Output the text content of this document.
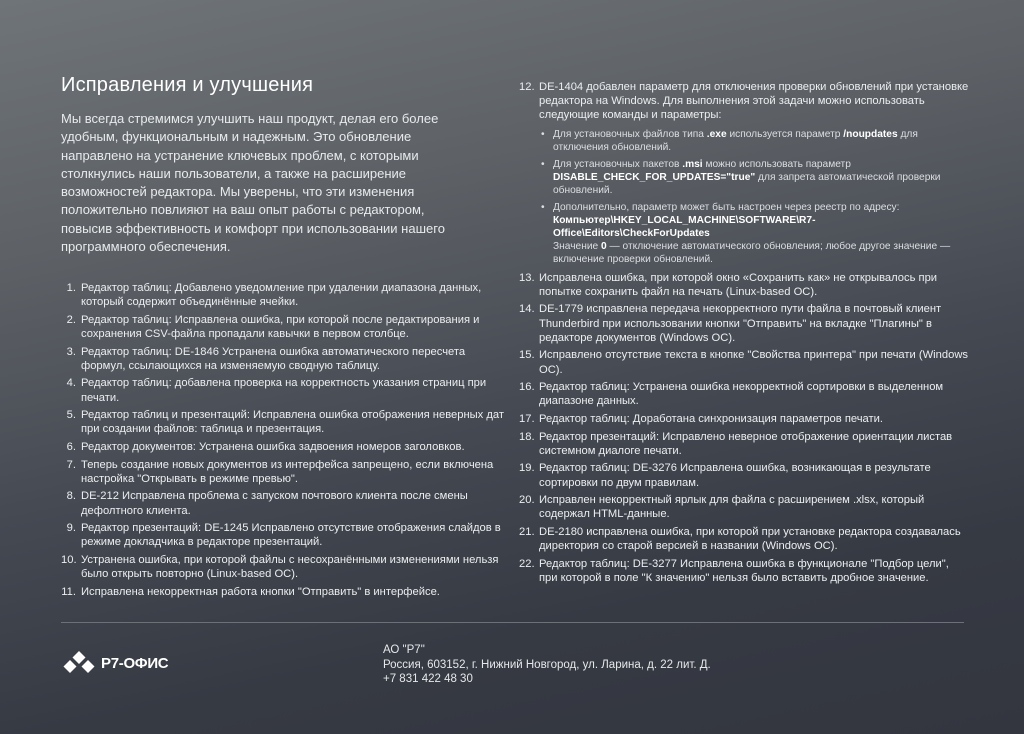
Исправления и улучшения

Мы всегда стремимся улучшить наш продукт, делая его более удобным, функциональным и надежным. Это обновление направлено на устранение ключевых проблем, с которыми столкнулись наши пользователи, а также на расширение возможностей редактора. Мы уверены, что эти изменения положительно повлияют на ваш опыт работы с редактором, повысив эффективность и комфорт при использовании нашего программного обеспечения.

1. Редактор таблиц: Добавлено уведомление при удалении диапазона данных, который содержит объединённые ячейки.
2. Редактор таблиц: Исправлена ошибка, при которой после редактирования и сохранения CSV-файла пропадали кавычки в первом столбце.
3. Редактор таблиц: DE-1846 Устранена ошибка автоматического пересчета формул, ссылающихся на изменяемую сводную таблицу.
4. Редактор таблиц: добавлена проверка на корректность указания страниц при печати.
5. Редактор таблиц и презентаций: Исправлена ошибка отображения неверных дат при создании файлов: таблица и презентация.
6. Редактор документов: Устранена ошибка задвоения номеров заголовков.
7. Теперь создание новых документов из интерфейса запрещено, если включена настройка "Открывать в режиме превью".
8. DE-212 Исправлена проблема с запуском почтового клиента после смены дефолтного клиента.
9. Редактор презентаций: DE-1245 Исправлено отсутствие отображения слайдов в режиме докладчика в редакторе презентаций.
10. Устранена ошибка, при которой файлы с несохранёнными изменениями нельзя было открыть повторно (Linux-based ОС).
11. Исправлена некорректная работа кнопки "Отправить" в интерфейсе.
12. DE-1404 добавлен параметр для отключения проверки обновлений при установке редактора на Windows. Для выполнения этой задачи можно использовать следующие команды и параметры:
• Для установочных файлов типа .exe используется параметр /noupdates для отключения обновлений.
• Для установочных пакетов .msi можно использовать параметр DISABLE_CHECK_FOR_UPDATES="true" для запрета автоматической проверки обновлений.
• Дополнительно, параметр может быть настроен через реестр по адресу:
Компьютер\HKEY_LOCAL_MACHINE\SOFTWARE\R7-Office\Editors\CheckForUpdates
Значение 0 — отключение автоматического обновления; любое другое значение — включение проверки обновлений.
13. Исправлена ошибка, при которой окно «Сохранить как» не открывалось при попытке сохранить файл на печать (Linux-based ОС).
14. DE-1779 исправлена передача некорректного пути файла в почтовый клиент Thunderbird при использовании кнопки "Отправить" на вкладке "Плагины" в редакторе документов (Windows ОС).
15. Исправлено отсутствие текста в кнопке "Свойства принтера" при печати (Windows ОС).
16. Редактор таблиц: Устранена ошибка некорректной сортировки в выделенном диапазоне данных.
17. Редактор таблиц: Доработана синхронизация параметров печати.
18. Редактор презентаций: Исправлено неверное отображение ориентации листав системном диалоге печати.
19. Редактор таблиц: DE-3276 Исправлена ошибка, возникающая в результате сортировки по двум правилам.
20. Исправлен некорректный ярлык для файла с расширением .xlsx, который содержал HTML-данные.
21. DE-2180 исправлена ошибка, при которой при установке редактора создавалась директория со старой версией в названии (Windows ОС).
22. Редактор таблиц: DE-3277 Исправлена ошибка в функционале "Подбор цели", при которой в поле "К значению" нельзя было вставить дробное значение.
Р7-ОФИС
АО "Р7"
Россия, 603152, г. Нижний Новгород, ул. Ларина, д. 22 лит. Д.
+7 831 422 48 30
